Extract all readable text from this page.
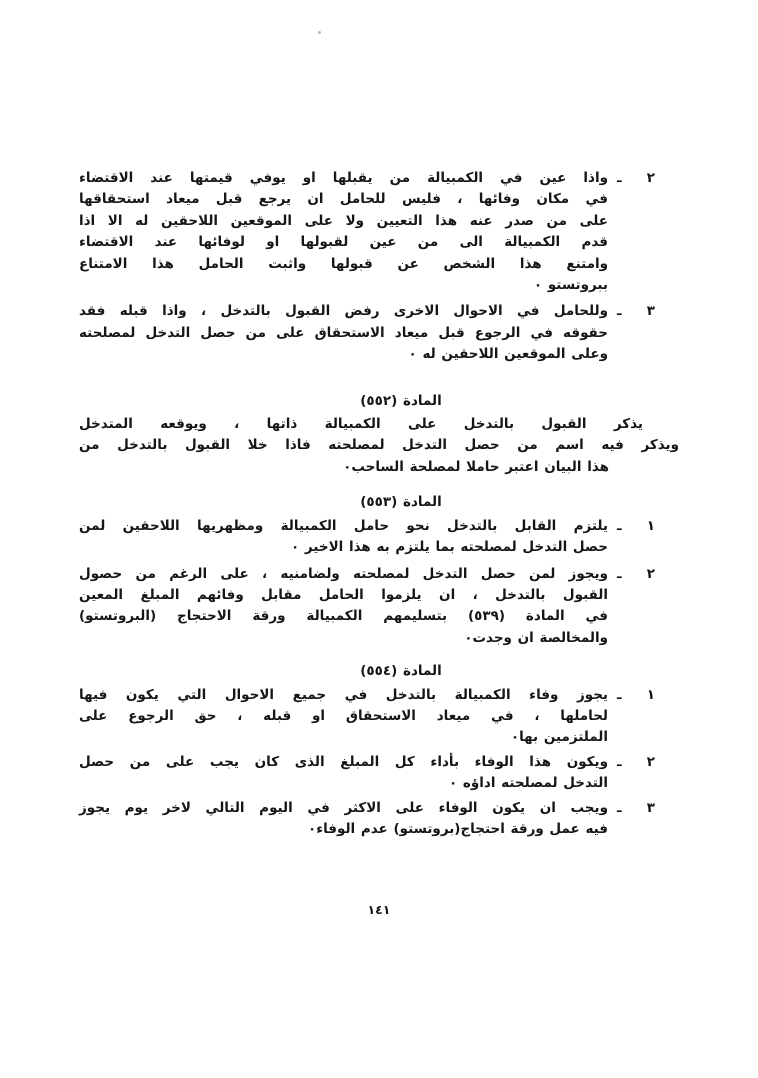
٢ ـ
واذا عين في الكمبيالة من يقبلها او يوفي قيمتها عند الاقتضاء
في مكان وفائها ، فليس للحامل ان يرجع قبل ميعاد استحقاقها
على من صدر عنه هذا التعيين ولا على الموقعين اللاحقين له الا اذا
قدم الكمبيالة الى من عين لقبولها او لوفائها عند الاقتضاء
وامتنع هذا الشخص عن قبولها واثبت الحامل هذا الامتناع
ببروتستو ٠
٣ ـ
وللحامل في الاحوال الاخرى رفض القبول بالتدخل ، واذا قبله فقد
حقوقه في الرجوع قبل ميعاد الاستحقاق على من حصل التدخل لمصلحته
وعلى الموقعين اللاحقين له ٠
المادة (٥٥٢)
يذكر القبول بالتدخل على الكمبيالة ذاتها ، ويوقعه المتدخل
ويذكر فيه اسم من حصل التدخل لمصلحته فاذا خلا القبول بالتدخل من
هذا البيان اعتبر حاملا لمصلحة الساحب٠
المادة (٥٥٣)
١ ـ
يلتزم القابل بالتدخل نحو حامل الكمبيالة ومظهريها اللاحقين لمن
حصل التدخل لمصلحته بما يلتزم به هذا الاخير ٠
٢ ـ
ويجوز لمن حصل التدخل لمصلحته ولضامنيه ، على الرغم من حصول
القبول بالتدخل ، ان يلزموا الحامل مقابل وفائهم المبلغ المعين
في المادة (٥٣٩) بتسليمهم الكمبيالة ورقة الاحتجاج (البروتستو)
والمخالصة ان وجدت٠
المادة (٥٥٤)
١ ـ
يجوز وفاء الكمبيالة بالتدخل في جميع الاحوال التي يكون فيها
لحاملها ، في ميعاد الاستحقاق او قبله ، حق الرجوع على
الملتزمين بها٠
٢ ـ
ويكون هذا الوفاء بأداء كل المبلغ الذى كان يجب على من حصل
التدخل لمصلحته اداؤه ٠
٣ ـ
ويجب ان يكون الوفاء على الاكثر في اليوم التالي لاخر يوم يجوز
فيه عمل ورقة احتجاج(بروتستو) عدم الوفاء٠
١٤١
